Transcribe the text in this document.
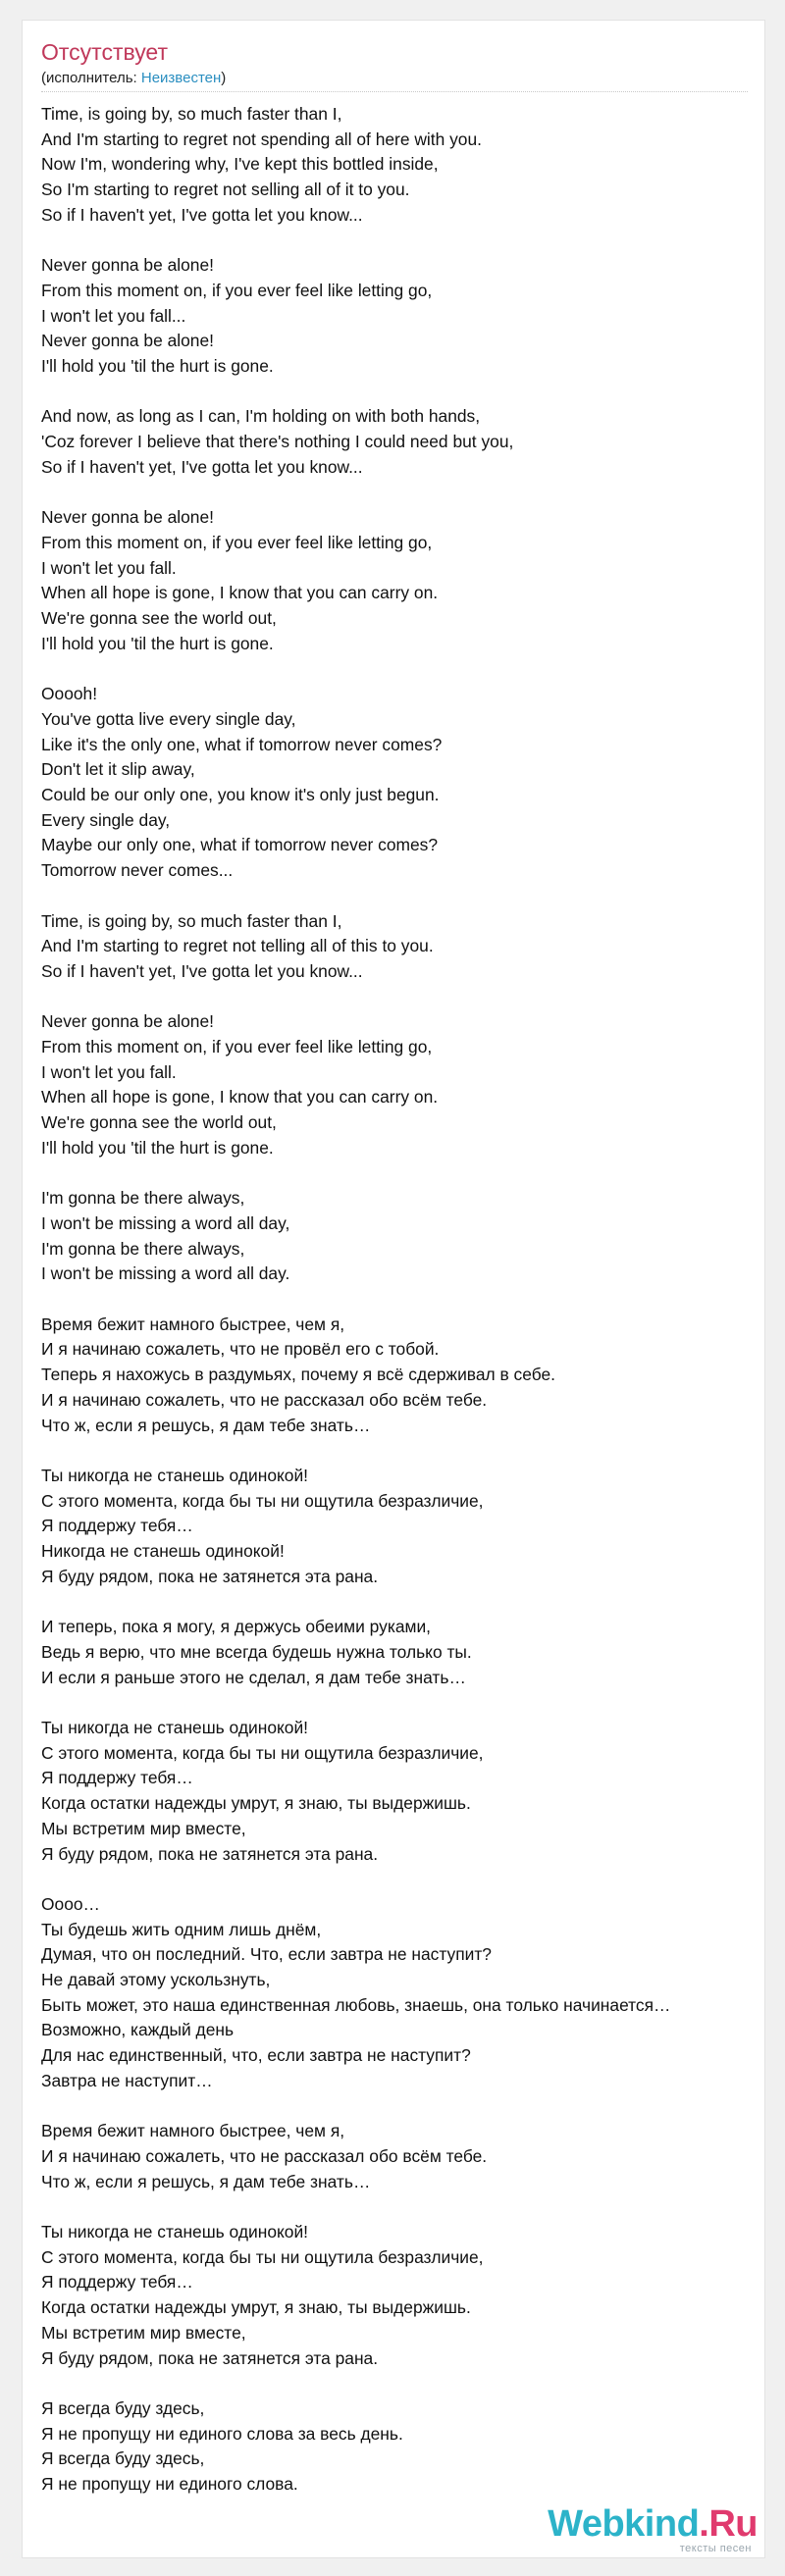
Отсутствует
(исполнитель: Неизвестен)
Time, is going by, so much faster than I,
And I'm starting to regret not spending all of here with you.
Now I'm, wondering why, I've kept this bottled inside,
So I'm starting to regret not selling all of it to you.
So if I haven't yet, I've gotta let you know...

Never gonna be alone!
From this moment on, if you ever feel like letting go,
I won't let you fall...
Never gonna be alone!
I'll hold you 'til the hurt is gone.

And now, as long as I can, I'm holding on with both hands,
'Coz forever I believe that there's nothing I could need but you,
So if I haven't yet, I've gotta let you know...

Never gonna be alone!
From this moment on, if you ever feel like letting go,
I won't let you fall.
When all hope is gone, I know that you can carry on.
We're gonna see the world out,
I'll hold you 'til the hurt is gone.

Ooooh!
You've gotta live every single day,
Like it's the only one, what if tomorrow never comes?
Don't let it slip away,
Could be our only one, you know it's only just begun.
Every single day,
Maybe our only one, what if tomorrow never comes?
Tomorrow never comes...

Time, is going by, so much faster than I,
And I'm starting to regret not telling all of this to you.
So if I haven't yet, I've gotta let you know...

Never gonna be alone!
From this moment on, if you ever feel like letting go,
I won't let you fall.
When all hope is gone, I know that you can carry on.
We're gonna see the world out,
I'll hold you 'til the hurt is gone.

I'm gonna be there always,
I won't be missing a word all day,
I'm gonna be there always,
I won't be missing a word all day.

Время бежит намного быстрее, чем я,
И я начинаю сожалеть, что не провёл его с тобой.
Теперь я нахожусь в раздумьях, почему я всё сдерживал в себе.
И я начинаю сожалеть, что не рассказал обо всём тебе.
Что ж, если я решусь, я дам тебе знать…

Ты никогда не станешь одинокой!
С этого момента, когда бы ты ни ощутила безразличие,
Я поддержу тебя…
Никогда не станешь одинокой!
Я буду рядом, пока не затянется эта рана.

И теперь, пока я могу, я держусь обеими руками,
Ведь я верю, что мне всегда будешь нужна только ты.
И если я раньше этого не сделал, я дам тебе знать…

Ты никогда не станешь одинокой!
С этого момента, когда бы ты ни ощутила безразличие,
Я поддержу тебя…
Когда остатки надежды умрут, я знаю, ты выдержишь.
Мы встретим мир вместе,
Я буду рядом, пока не затянется эта рана.

Оооо…
Ты будешь жить одним лишь днём,
Думая, что он последний. Что, если завтра не наступит?
Не давай этому ускользнуть,
Быть может, это наша единственная любовь, знаешь, она только начинается…
Возможно, каждый день
Для нас единственный, что, если завтра не наступит?
Завтра не наступит…

Время бежит намного быстрее, чем я,
И я начинаю сожалеть, что не рассказал обо всём тебе.
Что ж, если я решусь, я дам тебе знать…

Ты никогда не станешь одинокой!
С этого момента, когда бы ты ни ощутила безразличие,
Я поддержу тебя…
Когда остатки надежды умрут, я знаю, ты выдержишь.
Мы встретим мир вместе,
Я буду рядом, пока не затянется эта рана.

Я всегда буду здесь,
Я не пропущу ни единого слова за весь день.
Я всегда буду здесь,
Я не пропущу ни единого слова.
Webkind.Ru
тексты песен
